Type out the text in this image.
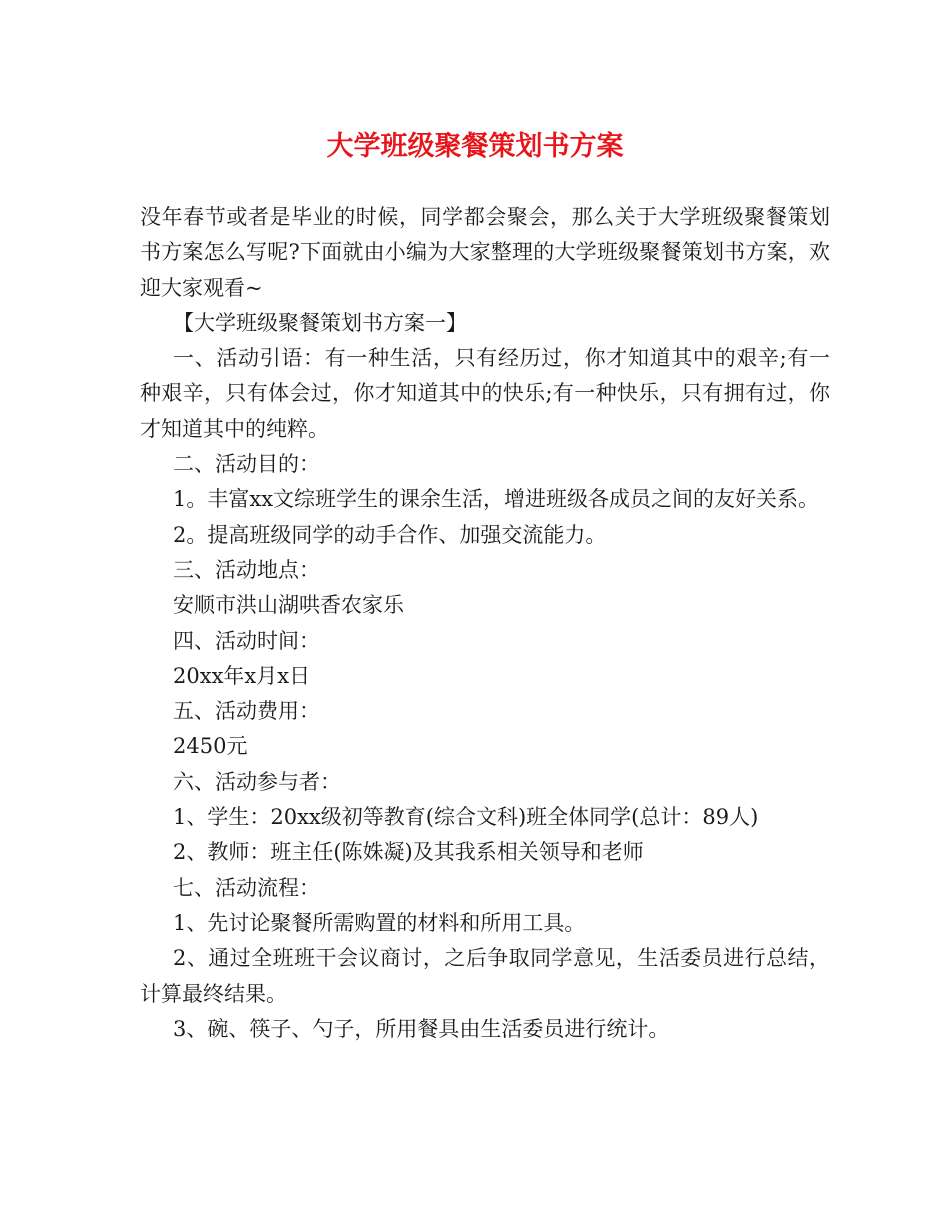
大学班级聚餐策划书方案

没年春节或者是毕业的时候，同学都会聚会，那么关于大学班级聚餐策划书方案怎么写呢?下面就由小编为大家整理的大学班级聚餐策划书方案，欢迎大家观看~

【大学班级聚餐策划书方案一】

一、活动引语：有一种生活，只有经历过，你才知道其中的艰辛;有一种艰辛，只有体会过，你才知道其中的快乐;有一种快乐，只有拥有过，你才知道其中的纯粹。

二、活动目的：

1。丰富xx文综班学生的课余生活，增进班级各成员之间的友好关系。

2。提高班级同学的动手合作、加强交流能力。

三、活动地点：

安顺市洪山湖哄香农家乐

四、活动时间：

20xx年x月x日

五、活动费用：

2450元

六、活动参与者：

1、学生：20xx级初等教育(综合文科)班全体同学(总计：89人)

2、教师：班主任(陈姝凝)及其我系相关领导和老师

七、活动流程：

1、先讨论聚餐所需购置的材料和所用工具。

2、通过全班班干会议商讨，之后争取同学意见，生活委员进行总结，计算最终结果。

3、碗、筷子、勺子，所用餐具由生活委员进行统计。
